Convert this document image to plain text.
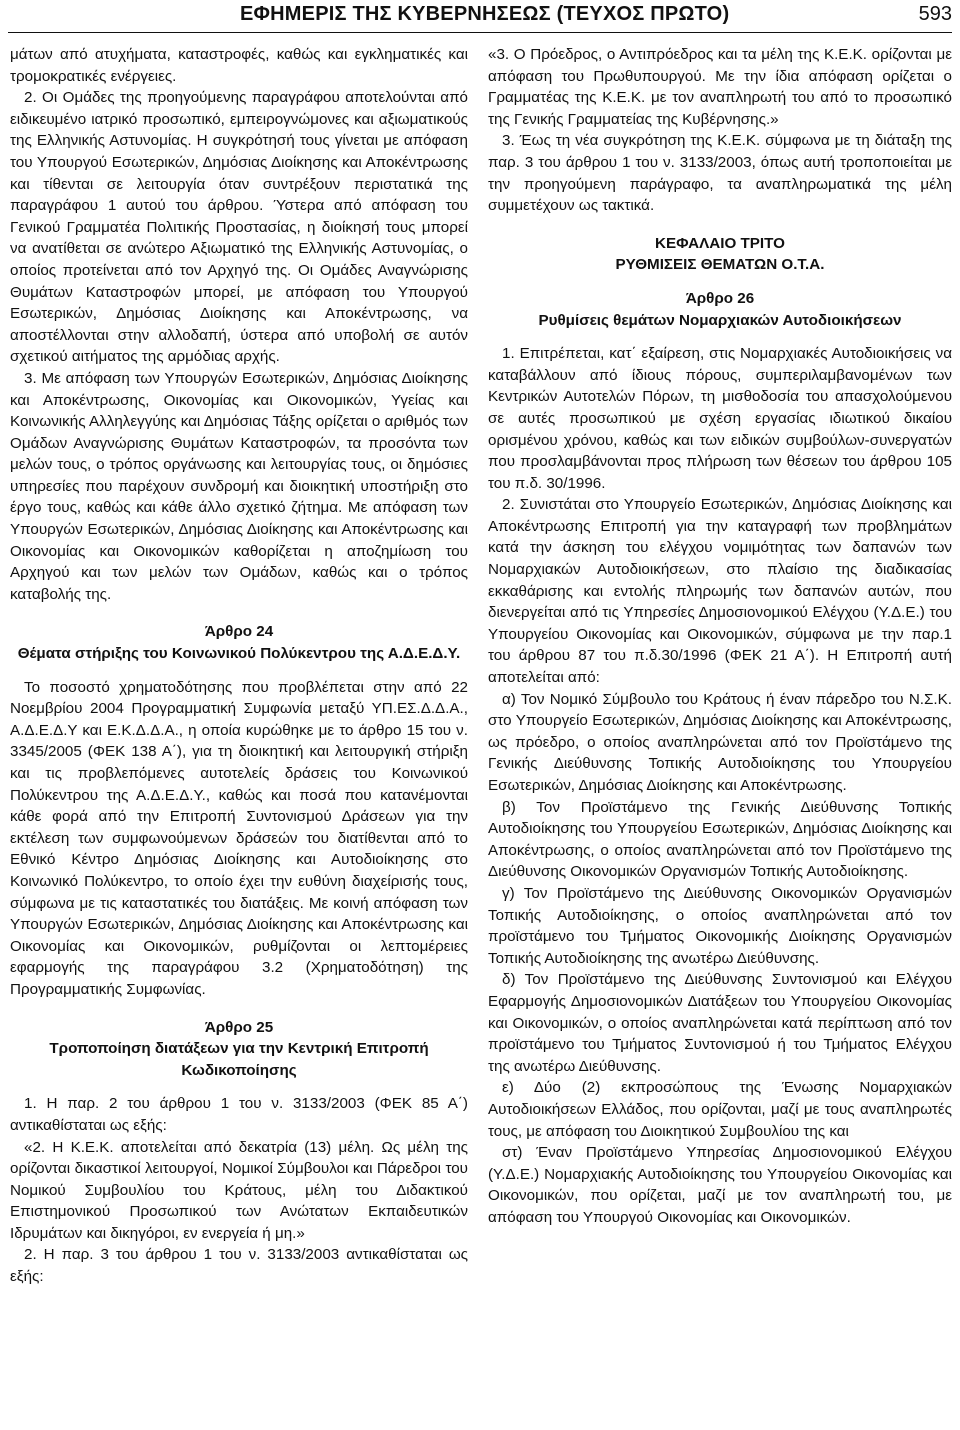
ΕΦΗΜΕΡΙΣ ΤΗΣ ΚΥΒΕΡΝΗΣΕΩΣ (ΤΕΥΧΟΣ ΠΡΩΤΟ)	593

μάτων από ατυχήματα, καταστροφές, καθώς και εγκληματικές και τρομοκρατικές ενέργειες.

2. Οι Ομάδες της προηγούμενης παραγράφου αποτελούνται από ειδικευμένο ιατρικό προσωπικό, εμπειρογνώμονες και αξιωματικούς της Ελληνικής Αστυνομίας. Η συγκρότησή τους γίνεται με απόφαση του Υπουργού Εσωτερικών, Δημόσιας Διοίκησης και Αποκέντρωσης και τίθενται σε λειτουργία όταν συντρέξουν περιστατικά της παραγράφου 1 αυτού του άρθρου. Ύστερα από απόφαση του Γενικού Γραμματέα Πολιτικής Προστασίας, η διοίκησή τους μπορεί να ανατίθεται σε ανώτερο Αξιωματικό της Ελληνικής Αστυνομίας, ο οποίος προτείνεται από τον Αρχηγό της. Οι Ομάδες Αναγνώρισης Θυμάτων Καταστροφών μπορεί, με απόφαση του Υπουργού Εσωτερικών, Δημόσιας Διοίκησης και Αποκέντρωσης, να αποστέλλονται στην αλλοδαπή, ύστερα από υποβολή σε αυτόν σχετικού αιτήματος της αρμόδιας αρχής.

3. Με απόφαση των Υπουργών Εσωτερικών, Δημόσιας Διοίκησης και Αποκέντρωσης, Οικονομίας και Οικονομικών, Υγείας και Κοινωνικής Αλληλεγγύης και Δημόσιας Τάξης ορίζεται ο αριθμός των Ομάδων Αναγνώρισης Θυμάτων Καταστροφών, τα προσόντα των μελών τους, ο τρόπος οργάνωσης και λειτουργίας τους, οι δημόσιες υπηρεσίες που παρέχουν συνδρομή και διοικητική υποστήριξη στο έργο τους, καθώς και κάθε άλλο σχετικό ζήτημα. Με απόφαση των Υπουργών Εσωτερικών, Δημόσιας Διοίκησης και Αποκέντρωσης και Οικονομίας και Οικονομικών καθορίζεται η αποζημίωση του Αρχηγού και των μελών των Ομάδων, καθώς και ο τρόπος καταβολής της.

Άρθρο 24

Θέματα στήριξης του Κοινωνικού Πολύκεντρου της Α.Δ.Ε.Δ.Υ.

Το ποσοστό χρηματοδότησης που προβλέπεται στην από 22 Νοεμβρίου 2004 Προγραμματική Συμφωνία μεταξύ ΥΠ.ΕΣ.Δ.Δ.Α., Α.Δ.Ε.Δ.Υ και Ε.Κ.Δ.Δ.Α., η οποία κυρώθηκε με το άρθρο 15 του ν. 3345/2005 (ΦΕΚ 138 Α΄), για τη διοικητική και λειτουργική στήριξη και τις προβλεπόμενες αυτοτελείς δράσεις του Κοινωνικού Πολύκεντρου της Α.Δ.Ε.Δ.Υ., καθώς και ποσά που κατανέμονται κάθε φορά από την Επιτροπή Συντονισμού Δράσεων για την εκτέλεση των συμφωνούμενων δράσεών του διατίθενται από το Εθνικό Κέντρο Δημόσιας Διοίκησης και Αυτοδιοίκησης στο Κοινωνικό Πολύκεντρο, το οποίο έχει την ευθύνη διαχείρισής τους, σύμφωνα με τις καταστατικές του διατάξεις. Με κοινή απόφαση των Υπουργών Εσωτερικών, Δημόσιας Διοίκησης και Αποκέντρωσης και Οικονομίας και Οικονομικών, ρυθμίζονται οι λεπτομέρειες εφαρμογής της παραγράφου 3.2 (Χρηματοδότηση) της Προγραμματικής Συμφωνίας.

Άρθρο 25

Τροποποίηση διατάξεων για την Κεντρική Επιτροπή Κωδικοποίησης

1. Η παρ. 2 του άρθρου 1 του ν. 3133/2003 (ΦΕΚ 85 Α΄) αντικαθίσταται ως εξής:

«2. Η Κ.Ε.Κ. αποτελείται από δεκατρία (13) μέλη. Ως μέλη της ορίζονται δικαστικοί λειτουργοί, Νομικοί Σύμβουλοι και Πάρεδροι του Νομικού Συμβουλίου του Κράτους, μέλη του Διδακτικού Επιστημονικού Προσωπικού των Ανώτατων Εκπαιδευτικών Ιδρυμάτων και δικηγόροι, εν ενεργεία ή μη.»

2. Η παρ. 3 του άρθρου 1 του ν. 3133/2003 αντικαθίσταται ως εξής:

«3. Ο Πρόεδρος, ο Αντιπρόεδρος και τα μέλη της Κ.Ε.Κ. ορίζονται με απόφαση του Πρωθυπουργού. Με την ίδια απόφαση ορίζεται ο Γραμματέας της Κ.Ε.Κ. με τον αναπληρωτή του από το προσωπικό της Γενικής Γραμματείας της Κυβέρνησης.»

3. Έως τη νέα συγκρότηση της Κ.Ε.Κ. σύμφωνα με τη διάταξη της παρ. 3 του άρθρου 1 του ν. 3133/2003, όπως αυτή τροποποιείται με την προηγούμενη παράγραφο, τα αναπληρωματικά της μέλη συμμετέχουν ως τακτικά.

ΚΕΦΑΛΑΙΟ ΤΡΙΤΟ

ΡΥΘΜΙΣΕΙΣ ΘΕΜΑΤΩΝ Ο.Τ.Α.

Άρθρο 26

Ρυθμίσεις θεμάτων Νομαρχιακών Αυτοδιοικήσεων

1. Επιτρέπεται, κατ΄ εξαίρεση, στις Νομαρχιακές Αυτοδιοικήσεις να καταβάλλουν από ίδιους πόρους, συμπεριλαμβανομένων των Κεντρικών Αυτοτελών Πόρων, τη μισθοδοσία του απασχολούμενου σε αυτές προσωπικού με σχέση εργασίας ιδιωτικού δικαίου ορισμένου χρόνου, καθώς και των ειδικών συμβούλων-συνεργατών που προσλαμβάνονται προς πλήρωση των θέσεων του άρθρου 105 του π.δ. 30/1996.

2. Συνιστάται στο Υπουργείο Εσωτερικών, Δημόσιας Διοίκησης και Αποκέντρωσης Επιτροπή για την καταγραφή των προβλημάτων κατά την άσκηση του ελέγχου νομιμότητας των δαπανών των Νομαρχιακών Αυτοδιοικήσεων, στο πλαίσιο της διαδικασίας εκκαθάρισης και εντολής πληρωμής των δαπανών αυτών, που διενεργείται από τις Υπηρεσίες Δημοσιονομικού Ελέγχου (Υ.Δ.Ε.) του Υπουργείου Οικονομίας και Οικονομικών, σύμφωνα με την παρ.1 του άρθρου 87 του π.δ.30/1996 (ΦΕΚ 21 Α΄). Η Επιτροπή αυτή αποτελείται από:

α) Τον Νομικό Σύμβουλο του Κράτους ή έναν πάρεδρο του Ν.Σ.Κ. στο Υπουργείο Εσωτερικών, Δημόσιας Διοίκησης και Αποκέντρωσης, ως πρόεδρο, ο οποίος αναπληρώνεται από τον Προϊστάμενο της Γενικής Διεύθυνσης Τοπικής Αυτοδιοίκησης του Υπουργείου Εσωτερικών, Δημόσιας Διοίκησης και Αποκέντρωσης.

β) Τον Προϊστάμενο της Γενικής Διεύθυνσης Τοπικής Αυτοδιοίκησης του Υπουργείου Εσωτερικών, Δημόσιας Διοίκησης και Αποκέντρωσης, ο οποίος αναπληρώνεται από τον Προϊστάμενο της Διεύθυνσης Οικονομικών Οργανισμών Τοπικής Αυτοδιοίκησης.

γ) Τον Προϊστάμενο της Διεύθυνσης Οικονομικών Οργανισμών Τοπικής Αυτοδιοίκησης, ο οποίος αναπληρώνεται από τον προϊστάμενο του Τμήματος Οικονομικής Διοίκησης Οργανισμών Τοπικής Αυτοδιοίκησης της ανωτέρω Διεύθυνσης.

δ) Τον Προϊστάμενο της Διεύθυνσης Συντονισμού και Ελέγχου Εφαρμογής Δημοσιονομικών Διατάξεων του Υπουργείου Οικονομίας και Οικονομικών, ο οποίος αναπληρώνεται κατά περίπτωση από τον προϊστάμενο του Τμήματος Συντονισμού ή του Τμήματος Ελέγχου της ανωτέρω Διεύθυνσης.

ε) Δύο (2) εκπροσώπους της Ένωσης Νομαρχιακών Αυτοδιοικήσεων Ελλάδος, που ορίζονται, μαζί με τους αναπληρωτές τους, με απόφαση του Διοικητικού Συμβουλίου της και

στ) Έναν Προϊστάμενο Υπηρεσίας Δημοσιονομικού Ελέγχου (Υ.Δ.Ε.) Νομαρχιακής Αυτοδιοίκησης του Υπουργείου Οικονομίας και Οικονομικών, που ορίζεται, μαζί με τον αναπληρωτή του, με απόφαση του Υπουργού Οικονομίας και Οικονομικών.
